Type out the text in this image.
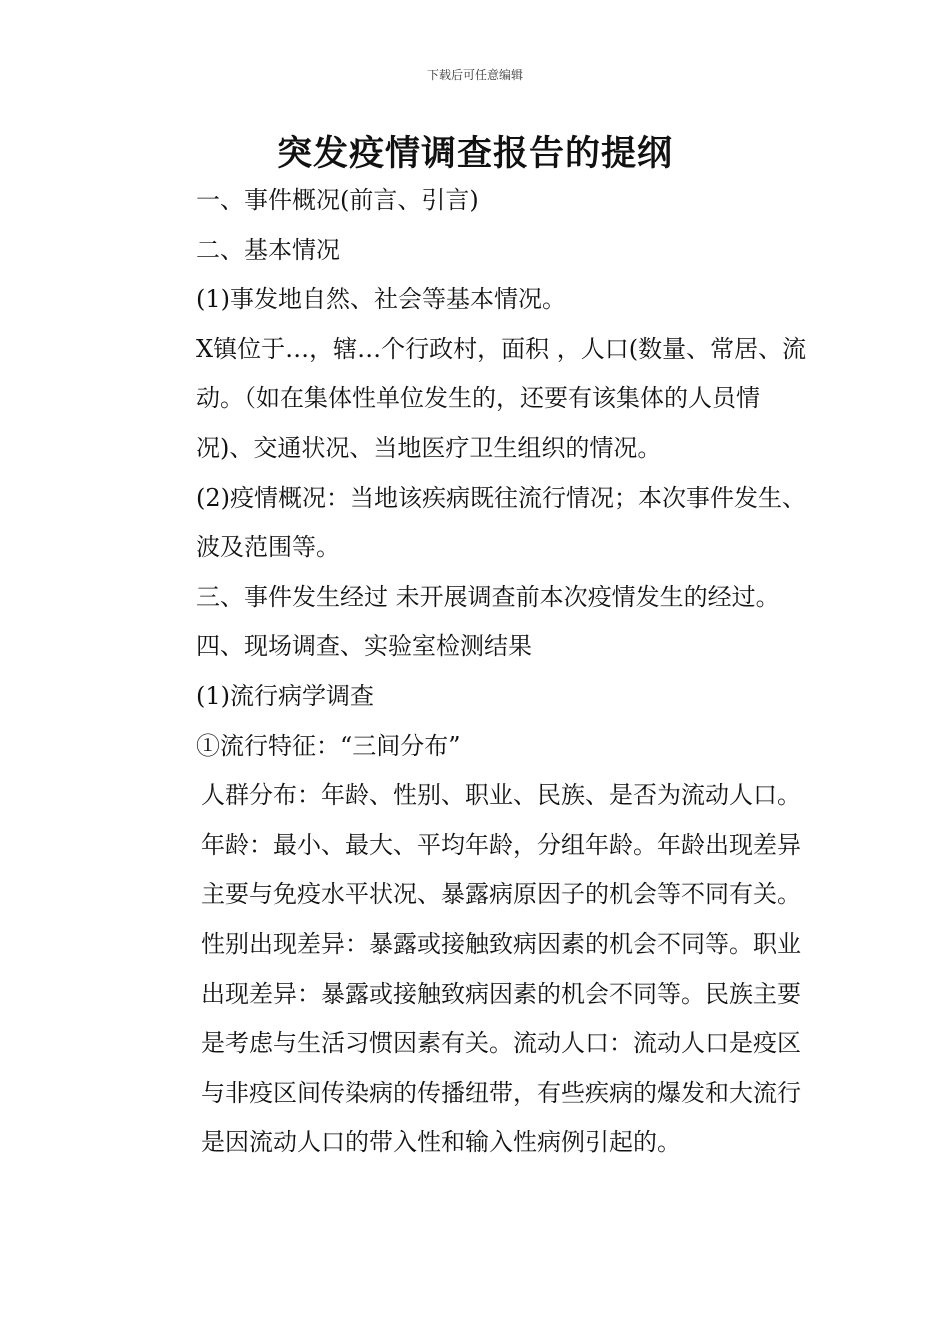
下载后可任意编辑
突发疫情调查报告的提纲

一、事件概况(前言、引言)

二、基本情况

(1)事发地自然、社会等基本情况。

X镇位于…，辖…个行政村，面积 ，人口(数量、常居、流动。（如在集体性单位发生的，还要有该集体的人员情况)、交通状况、当地医疗卫生组织的情况。

(2)疫情概况：当地该疾病既往流行情况；本次事件发生、波及范围等。

三、事件发生经过 未开展调查前本次疫情发生的经过。

四、现场调查、实验室检测结果

(1)流行病学调查

①流行特征：“三间分布”

人群分布：年龄、性别、职业、民族、是否为流动人口。

年龄：最小、最大、平均年龄，分组年龄。年龄出现差异主要与免疫水平状况、暴露病原因子的机会等不同有关。性别出现差异：暴露或接触致病因素的机会不同等。职业出现差异：暴露或接触致病因素的机会不同等。民族主要是考虑与生活习惯因素有关。流动人口：流动人口是疫区与非疫区间传染病的传播纽带，有些疾病的爆发和大流行是因流动人口的带入性和输入性病例引起的。
